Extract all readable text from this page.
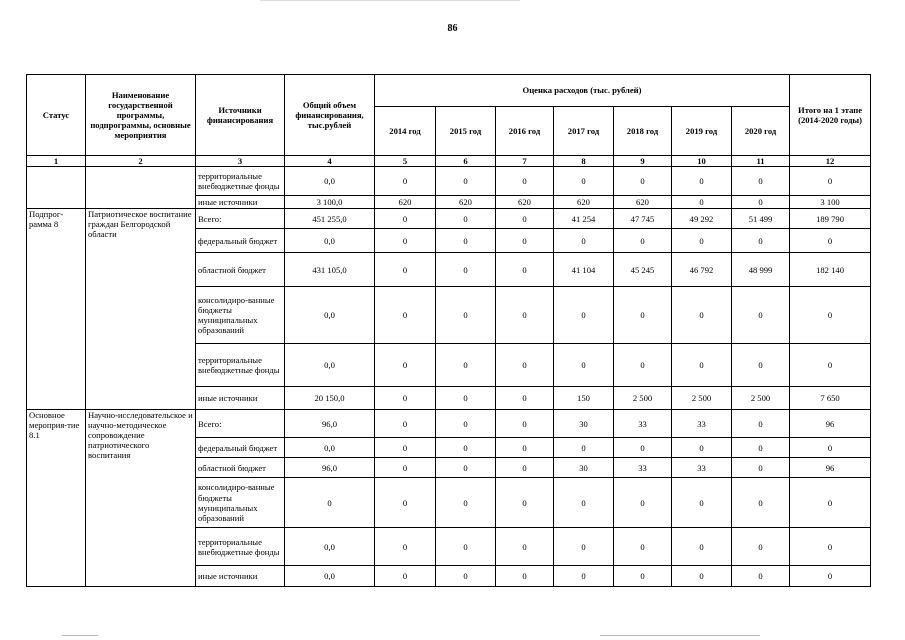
86
Статус	Наименование государственной программы, подпрограммы, основные мероприятия	Источники финансирования	Общий объем финансирования, тыс.рублей	Оценка расходов (тыс. рублей)							Итого на 1 этапе (2014-2020 годы)
				2014 год	2015 год	2016 год	2017 год	2018 год	2019 год	2020 год	
1	2	3	4	5	6	7	8	9	10	11	12
		территориальные внебюджетные фонды	0,0	0	0	0	0	0	0	0	0
		иные источники	3 100,0	620	620	620	620	620	0	0	3 100
Подпрог-рамма 8	Патриотическое воспитание граждан Белгородской области	Всего:	451 255,0	0	0	0	41 254	47 745	49 292	51 499	189 790
		федеральный бюджет	0,0	0	0	0	0	0	0	0	0
		областной бюджет	431 105,0	0	0	0	41 104	45 245	46 792	48 999	182 140
		консолидиро-ванные бюджеты муниципальных образований	0,0	0	0	0	0	0	0	0	0
		территориальные внебюджетные фонды	0,0	0	0	0	0	0	0	0	0
		иные источники	20 150,0	0	0	0	150	2 500	2 500	2 500	7 650
Основное мероприя-тие 8.1	Научно-исследовательское и научно-методическое сопровождение патриотического воспитания	Всего:	96,0	0	0	0	30	33	33	0	96
		федеральный бюджет	0,0	0	0	0	0	0	0	0	0
		областной бюджет	96,0	0	0	0	30	33	33	0	96
		консолидиро-ванные бюджеты муниципальных образований	0	0	0	0	0	0	0	0	0
		территориальные внебюджетные фонды	0,0	0	0	0	0	0	0	0	0
		иные источники	0,0	0	0	0	0	0	0	0	0
